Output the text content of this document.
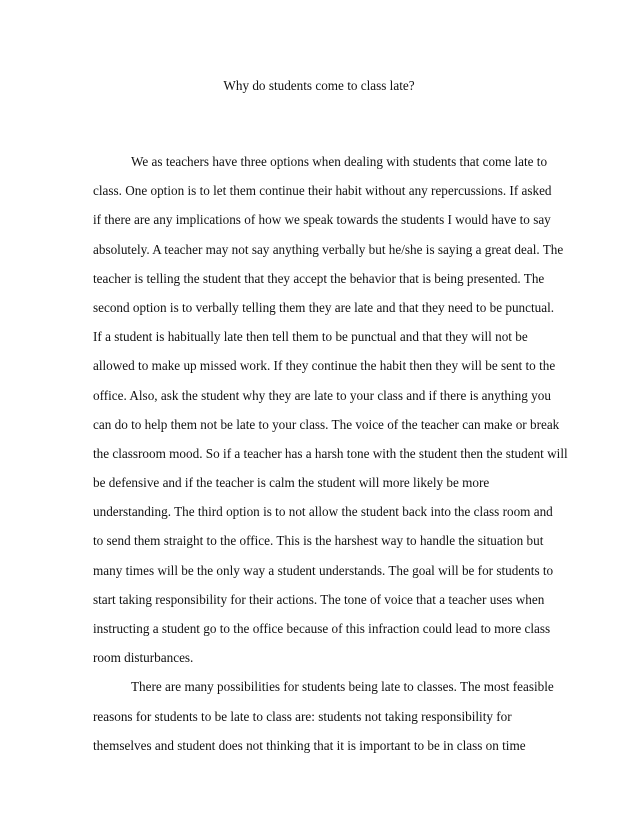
Why do students come to class late?
We as teachers have three options when dealing with students that come late to
class. One option is to let them continue their habit without any repercussions. If asked
if there are any implications of how we speak towards the students I would have to say
absolutely. A teacher may not say anything verbally but he/she is saying a great deal. The
teacher is telling the student that they accept the behavior that is being presented. The
second option is to verbally telling them they are late and that they need to be punctual.
If a student is habitually late then tell them to be punctual and that they will not be
allowed to make up missed work. If they continue the habit then they will be sent to the
office. Also, ask the student why they are late to your class and if there is anything you
can do to help them not be late to your class. The voice of the teacher can make or break
the classroom mood. So if a teacher has a harsh tone with the student then the student will
be defensive and if the teacher is calm the student will more likely be more
understanding. The third option is to not allow the student back into the class room and
to send them straight to the office. This is the harshest way to handle the situation but
many times will be the only way a student understands. The goal will be for students to
start taking responsibility for their actions. The tone of voice that a teacher uses when
instructing a student go to the office because of this infraction could lead to more class
room disturbances.
There are many possibilities for students being late to classes. The most feasible
reasons for students to be late to class are: students not taking responsibility for
themselves and student does not thinking that it is important to be in class on time
